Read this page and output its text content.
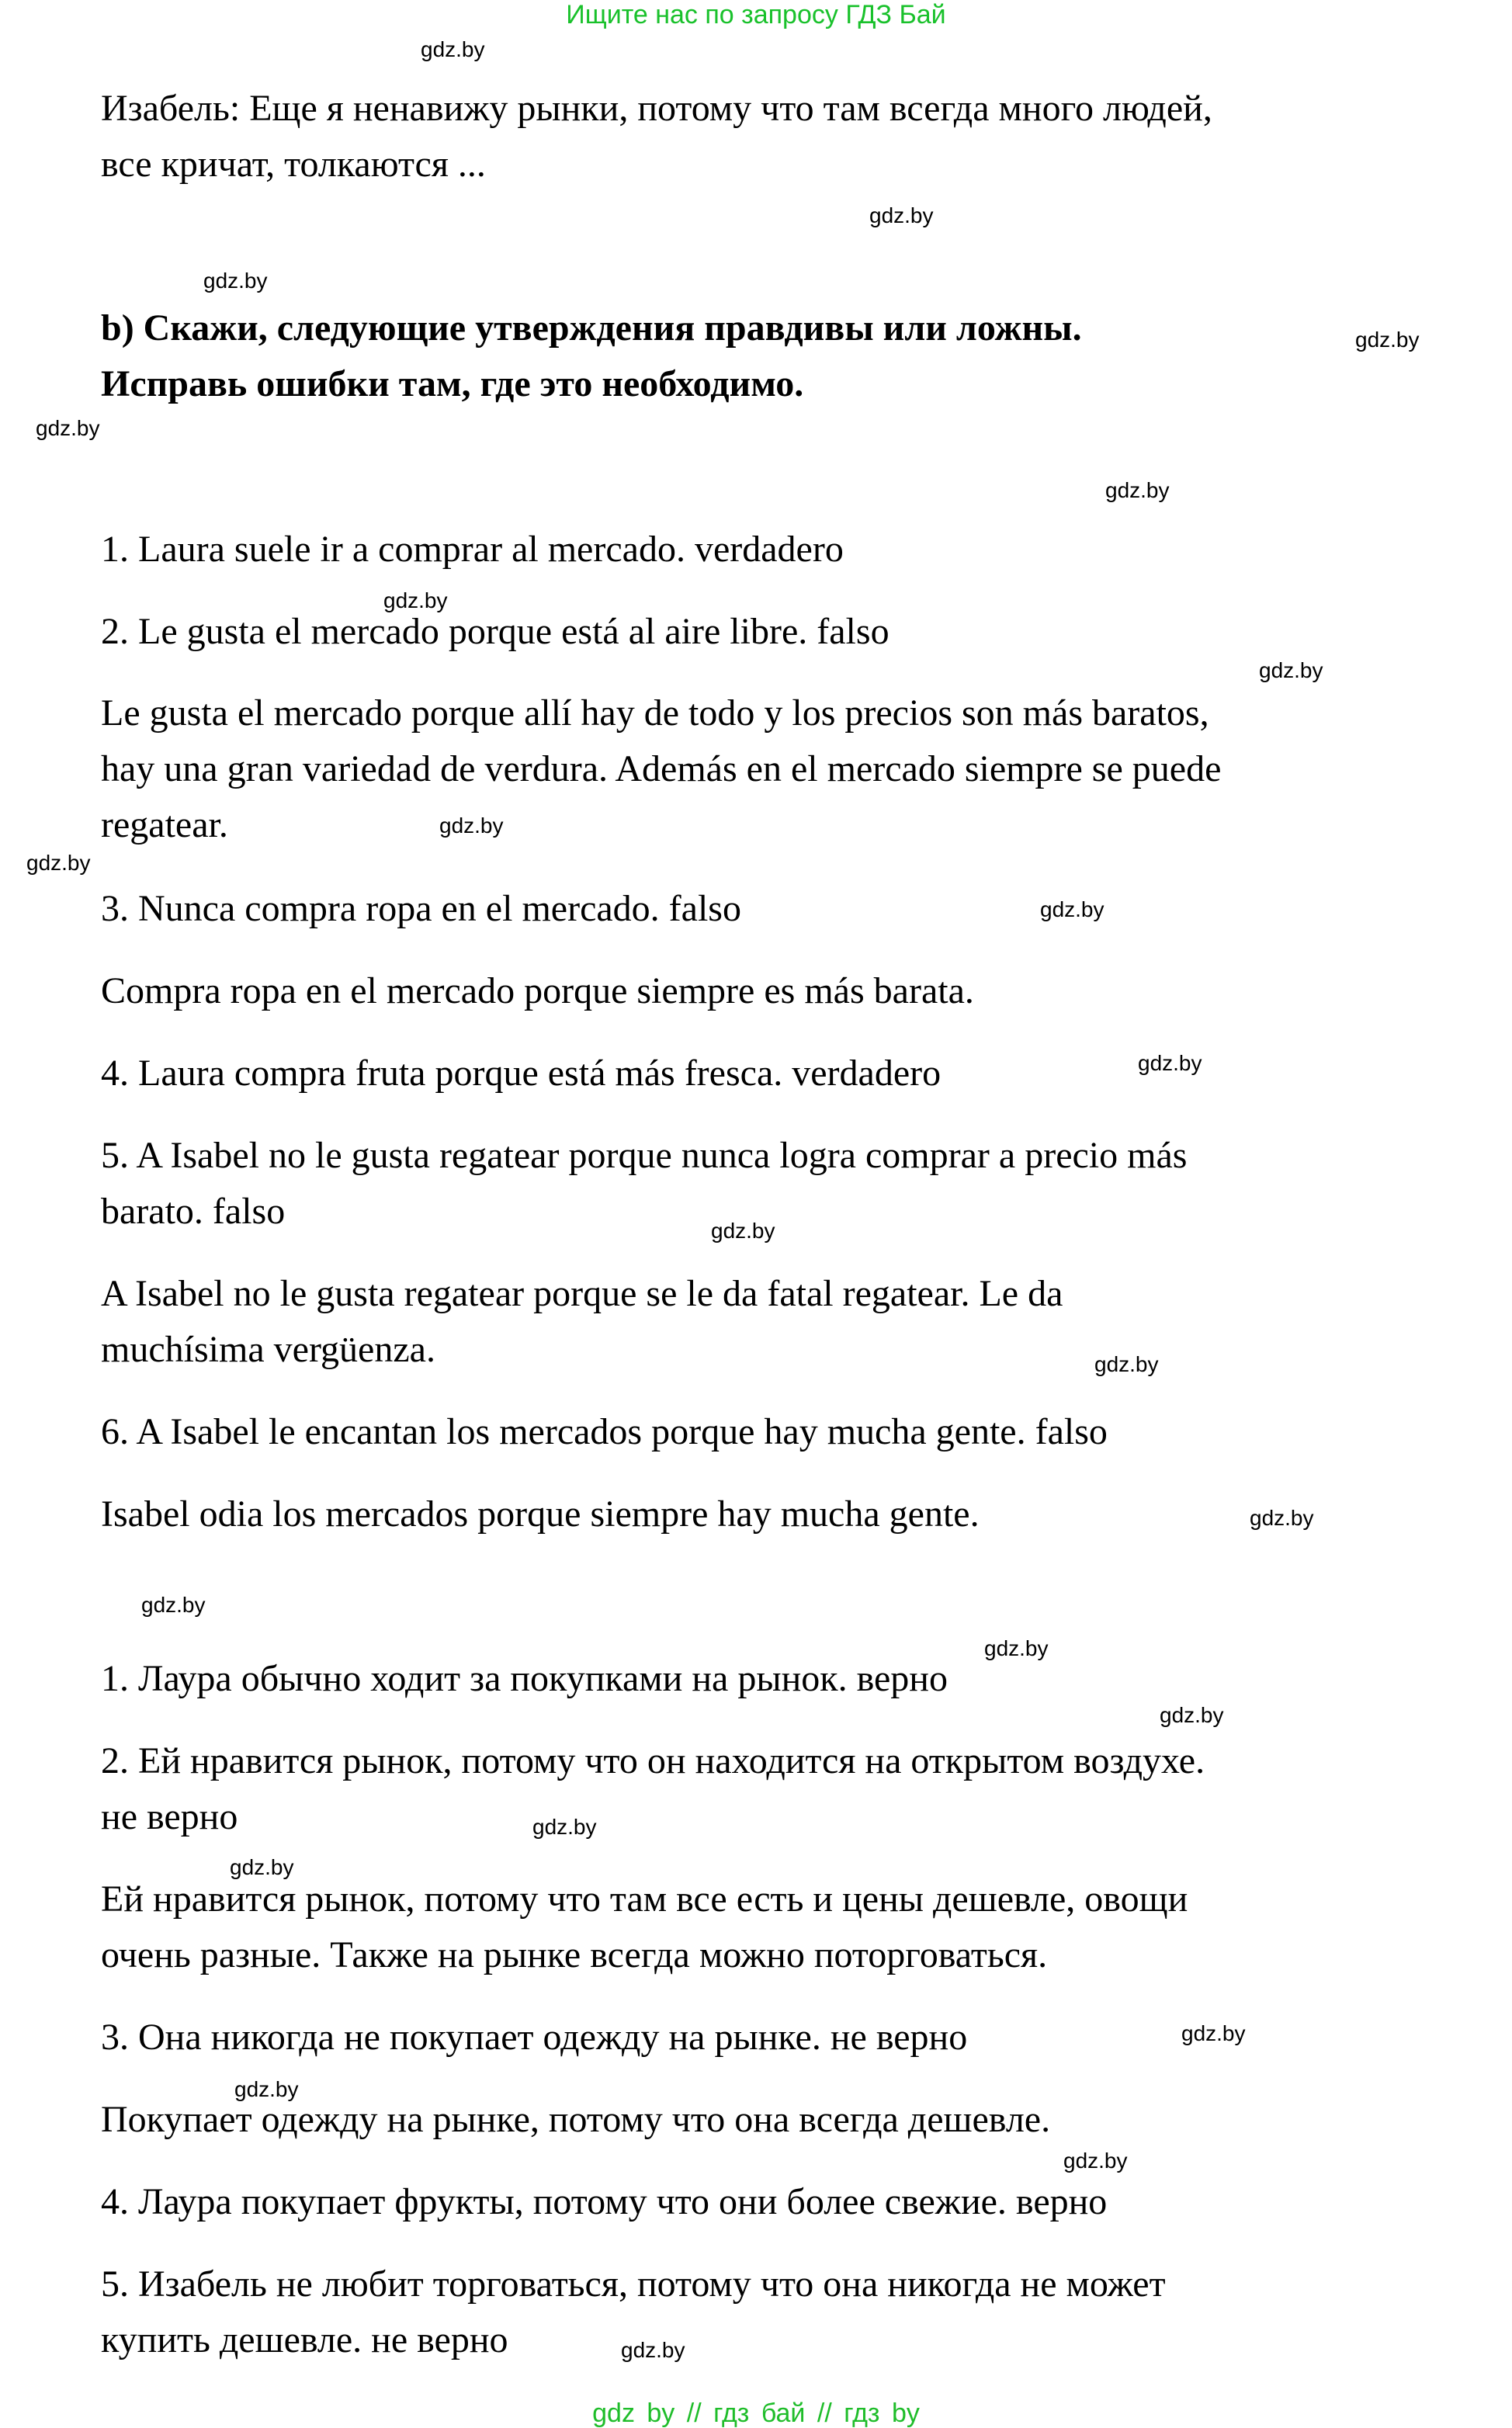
Ищите нас по запросу ГДЗ Бай
Изабель: Еще я ненавижу рынки, потому что там всегда много людей,
все кричат, толкаются ...
b) Скажи, следующие утверждения правдивы или ложны.
Исправь ошибки там, где это необходимо.
1. Laura suele ir a comprar al mercado. verdadero
2. Le gusta el mercado porque está al aire libre. falso
Le gusta el mercado porque allí hay de todo y los precios son más baratos,
hay una gran variedad de verdura. Además en el mercado siempre se puede
regatear.
3. Nunca compra ropa en el mercado. falso
Compra ropa en el mercado porque siempre es más barata.
4. Laura compra fruta porque está más fresca. verdadero
5. A Isabel no le gusta regatear porque nunca logra comprar a precio más
barato. falso
A Isabel no le gusta regatear porque se le da fatal regatear. Le da
muchísima vergüenza.
6. A Isabel le encantan los mercados porque hay mucha gente. falso
Isabel odia los mercados porque siempre hay mucha gente.
1. Лаура обычно ходит за покупками на рынок. верно
2. Ей нравится рынок, потому что он находится на открытом воздухе.
не верно
Ей нравится рынок, потому что там все есть и цены дешевле, овощи
очень разные. Также на рынке всегда можно поторговаться.
3. Она никогда не покупает одежду на рынке. не верно
Покупает одежду на рынке, потому что она всегда дешевле.
4. Лаура покупает фрукты, потому что они более свежие. верно
5. Изабель не любит торговаться, потому что она никогда не может
купить дешевле. не верно
gdz.by
gdz.by
gdz.by
gdz.by
gdz.by
gdz.by
gdz.by
gdz.by
gdz.by
gdz.by
gdz.by
gdz.by
gdz.by
gdz.by
gdz.by
gdz.by
gdz.by
gdz.by
gdz.by
gdz.by
gdz.by
gdz.by
gdz.by
gdz.by
gdz by // гдз бай // гдз by
